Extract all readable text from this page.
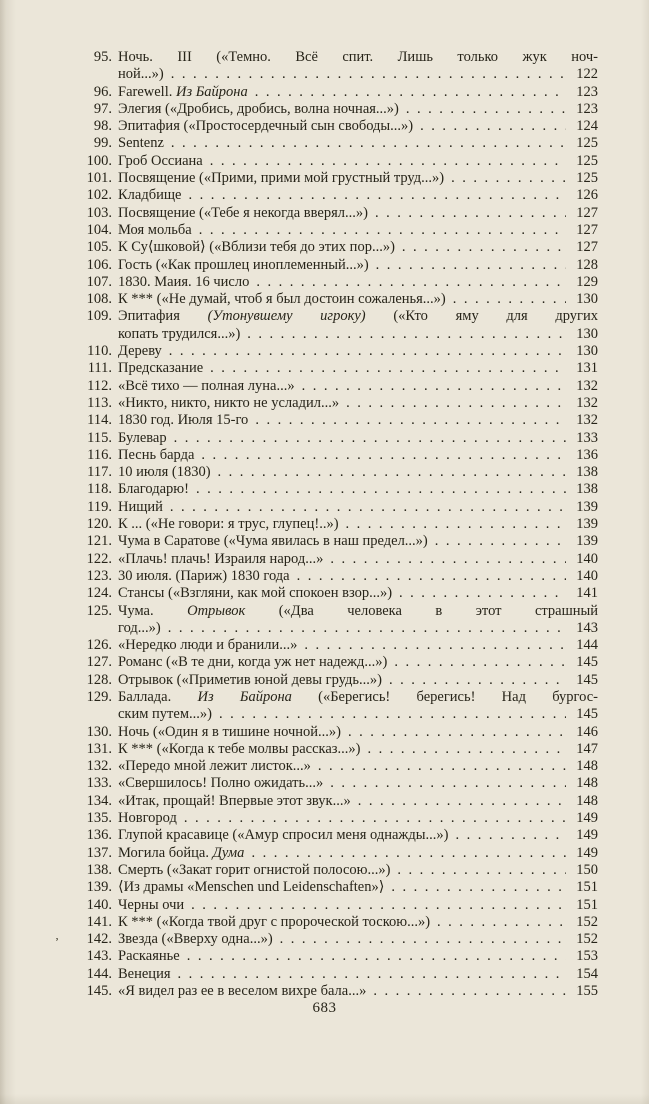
95. Ночь. III («Темно. Всё спит. Лишь только жук ноч-
ной...») .....	122
96. Farewell. Из Байрона .....	123
97. Элегия («Дробись, дробись, волна ночная...») .....	123
98. Эпитафия («Простосердечный сын свободы...») .....	124
99. Sentenz .....	125
100. Гроб Оссиана .....	125
101. Посвящение («Прими, прими мой грустный труд...») .....	125
102. Кладбище .....	126
103. Посвящение («Тебе я некогда вверял...») .....	127
104. Моя мольба .....	127
105. К Су⟨шковой⟩ («Вблизи тебя до этих пор...») .....	127
106. Гость («Как прошлец иноплеменный...») .....	128
107. 1830. Маия. 16 число .....	129
108. К *** («Не думай, чтоб я был достоин сожаленья...») .....	130
109. Эпитафия (Утонувшему игроку) («Кто яму для других
копать трудился...») .....	130
110. Дереву .....	130
111. Предсказание .....	131
112. «Всё тихо — полная луна...» .....	132
113. «Никто, никто, никто не усладил...» .....	132
114. 1830 год. Июля 15-го .....	132
115. Булевар .....	133
116. Песнь барда .....	136
117. 10 июля (1830) .....	138
118. Благодарю! .....	138
119. Нищий .....	139
120. К ... («Не говори: я трус, глупец!..») .....	139
121. Чума в Саратове («Чума явилась в наш предел...») .....	139
122. «Плачь! плачь! Израиля народ...» .....	140
123. 30 июля. (Париж) 1830 года .....	140
124. Стансы («Взгляни, как мой спокоен взор...») .....	141
125. Чума. Отрывок («Два человека в этот страшный
год...») .....	143
126. «Нередко люди и бранили...» .....	144
127. Романс («В те дни, когда уж нет надежд...») .....	145
128. Отрывок («Приметив юной девы грудь...») .....	145
129. Баллада. Из Байрона («Берегись! берегись! Над бургос-
ским путем...») .....	145
130. Ночь («Один я в тишине ночной...») .....	146
131. К *** («Когда к тебе молвы рассказ...») .....	147
132. «Передо мной лежит листок...» .....	148
133. «Свершилось! Полно ожидать...» .....	148
134. «Итак, прощай! Впервые этот звук...» .....	148
135. Новгород .....	149
136. Глупой красавице («Амур спросил меня однажды...») .....	149
137. Могила бойца. Дума .....	149
138. Смерть («Закат горит огнистой полосою...») .....	150
139. ⟨Из драмы «Menschen und Leidenschaften»⟩ .....	151
140. Черны очи .....	151
141. К *** («Когда твой друг с пророческой тоскою...») .....	152
142. Звезда («Вверху одна...») .....	152
143. Раскаянье .....	153
144. Венеция .....	154
145. «Я видел раз ее в веселом вихре бала...» .....	155
‚
683
